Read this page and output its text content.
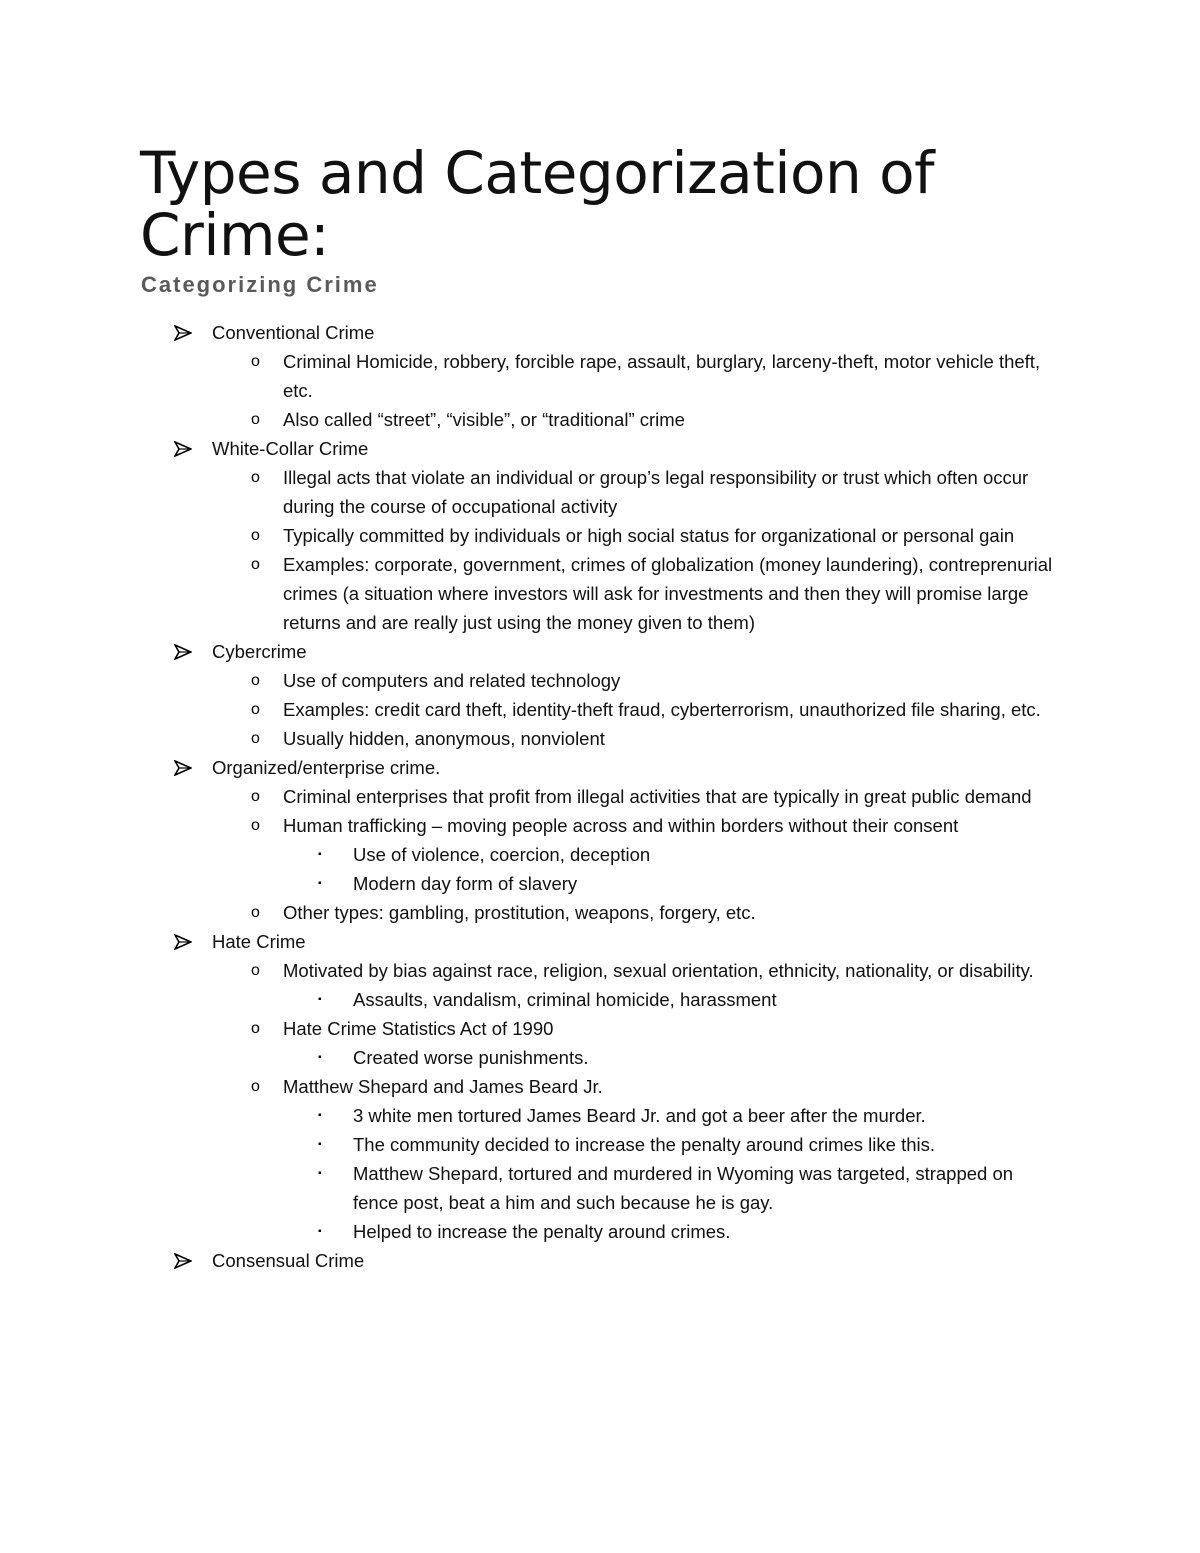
Types and Categorization of Crime:
Categorizing Crime
Conventional Crime
o Criminal Homicide, robbery, forcible rape, assault, burglary, larceny-theft, motor vehicle theft, etc.
o Also called “street”, “visible”, or “traditional” crime
White-Collar Crime
o Illegal acts that violate an individual or group’s legal responsibility or trust which often occur during the course of occupational activity
o Typically committed by individuals or high social status for organizational or personal gain
o Examples: corporate, government, crimes of globalization (money laundering), contreprenurial crimes (a situation where investors will ask for investments and then they will promise large returns and are really just using the money given to them)
Cybercrime
o Use of computers and related technology
o Examples: credit card theft, identity-theft fraud, cyberterrorism, unauthorized file sharing, etc.
o Usually hidden, anonymous, nonviolent
Organized/enterprise crime.
o Criminal enterprises that profit from illegal activities that are typically in great public demand
o Human trafficking – moving people across and within borders without their consent
▪ Use of violence, coercion, deception
▪ Modern day form of slavery
o Other types: gambling, prostitution, weapons, forgery, etc.
Hate Crime
o Motivated by bias against race, religion, sexual orientation, ethnicity, nationality, or disability.
▪ Assaults, vandalism, criminal homicide, harassment
o Hate Crime Statistics Act of 1990
▪ Created worse punishments.
o Matthew Shepard and James Beard Jr.
▪ 3 white men tortured James Beard Jr. and got a beer after the murder.
▪ The community decided to increase the penalty around crimes like this.
▪ Matthew Shepard, tortured and murdered in Wyoming was targeted, strapped on fence post, beat a him and such because he is gay.
▪ Helped to increase the penalty around crimes.
Consensual Crime
